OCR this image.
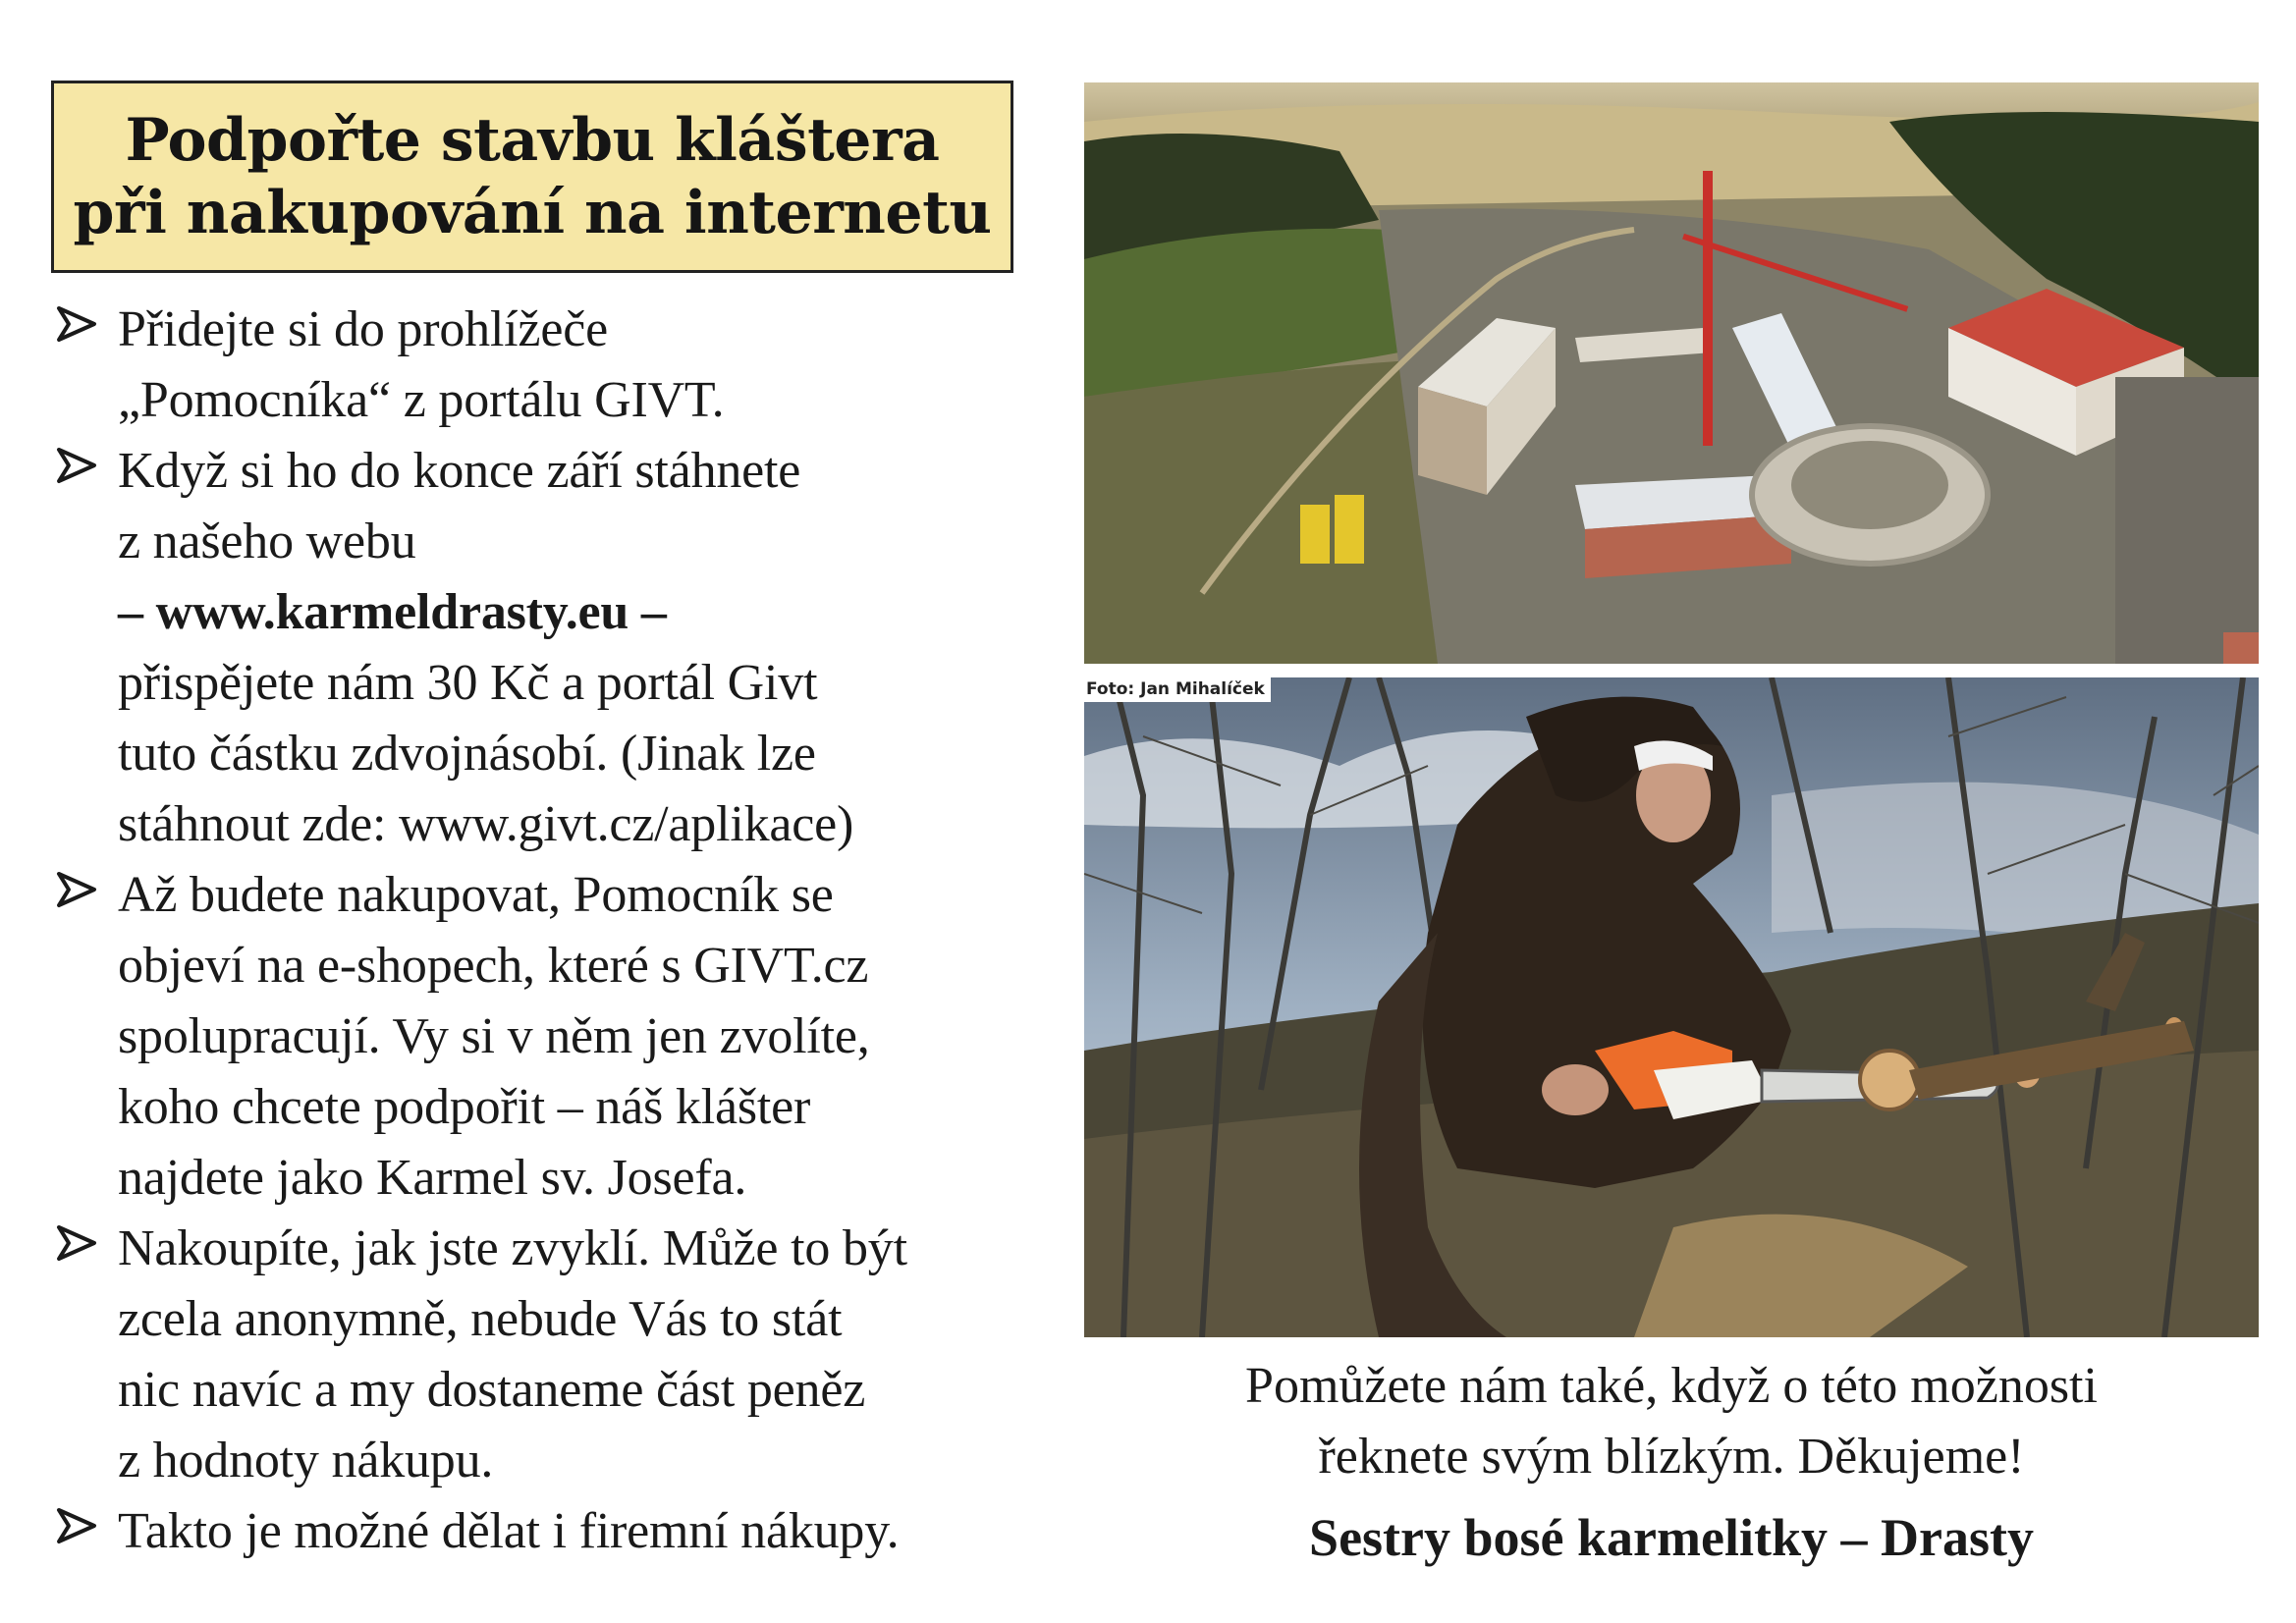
Podpořte stavbu kláštera
při nakupování na internetu
Přidejte si do prohlížeče
„Pomocníka“ z portálu GIVT.
Když si ho do konce září stáhnete
z našeho webu
– www.karmeldrasty.eu –
přispějete nám 30 Kč a portál Givt
tuto částku zdvojnásobí. (Jinak lze
stáhnout zde: www.givt.cz/aplikace)
Až budete nakupovat, Pomocník se
objeví na e-shopech, které s GIVT.cz
spolupracují. Vy si v něm jen zvolíte,
koho chcete podpořit – náš klášter
najdete jako Karmel sv. Josefa.
Nakoupíte, jak jste zvyklí. Může to být
zcela anonymně, nebude Vás to stát
nic navíc a my dostaneme část peněz
z hodnoty nákupu.
Takto je možné dělat i firemní nákupy.
Foto: Jan Mihalíček
Pomůžete nám také, když o této možnosti
řeknete svým blízkým. Děkujeme!
Sestry bosé karmelitky – Drasty
